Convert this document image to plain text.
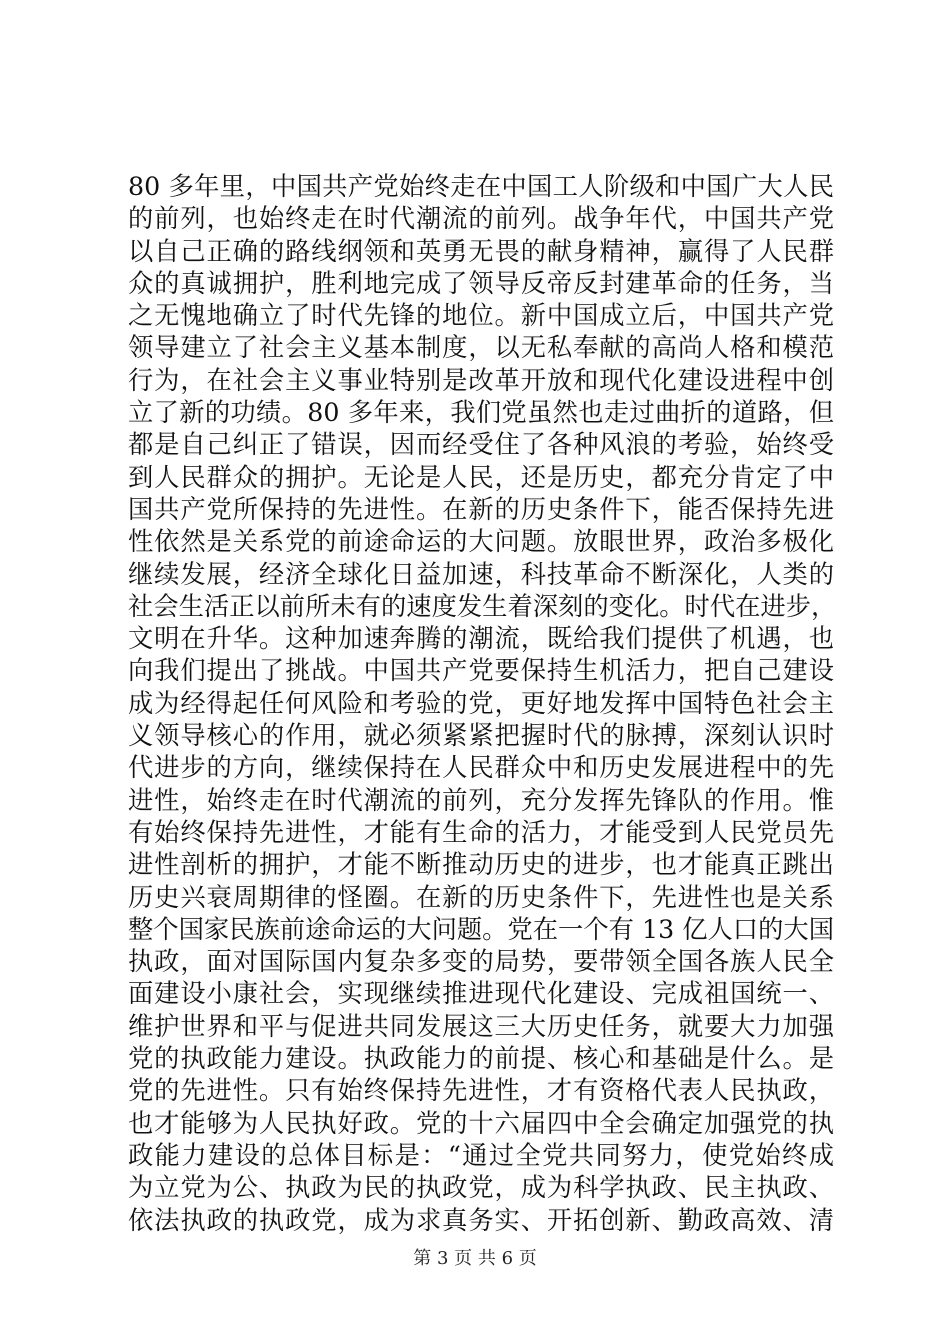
80 多年里，中国共产党始终走在中国工人阶级和中国广大人民
的前列，也始终走在时代潮流的前列。战争年代，中国共产党
以自己正确的路线纲领和英勇无畏的献身精神，赢得了人民群
众的真诚拥护，胜利地完成了领导反帝反封建革命的任务，当
之无愧地确立了时代先锋的地位。新中国成立后，中国共产党
领导建立了社会主义基本制度，以无私奉献的高尚人格和模范
行为，在社会主义事业特别是改革开放和现代化建设进程中创
立了新的功绩。80 多年来，我们党虽然也走过曲折的道路，但
都是自己纠正了错误，因而经受住了各种风浪的考验，始终受
到人民群众的拥护。无论是人民，还是历史，都充分肯定了中
国共产党所保持的先进性。在新的历史条件下，能否保持先进
性依然是关系党的前途命运的大问题。放眼世界，政治多极化
继续发展，经济全球化日益加速，科技革命不断深化，人类的
社会生活正以前所未有的速度发生着深刻的变化。时代在进步，
文明在升华。这种加速奔腾的潮流，既给我们提供了机遇，也
向我们提出了挑战。中国共产党要保持生机活力，把自己建设
成为经得起任何风险和考验的党，更好地发挥中国特色社会主
义领导核心的作用，就必须紧紧把握时代的脉搏，深刻认识时
代进步的方向，继续保持在人民群众中和历史发展进程中的先
进性，始终走在时代潮流的前列，充分发挥先锋队的作用。惟
有始终保持先进性，才能有生命的活力，才能受到人民党员先
进性剖析的拥护，才能不断推动历史的进步，也才能真正跳出
历史兴衰周期律的怪圈。在新的历史条件下，先进性也是关系
整个国家民族前途命运的大问题。党在一个有 13 亿人口的大国
执政，面对国际国内复杂多变的局势，要带领全国各族人民全
面建设小康社会，实现继续推进现代化建设、完成祖国统一、
维护世界和平与促进共同发展这三大历史任务，就要大力加强
党的执政能力建设。执政能力的前提、核心和基础是什么。是
党的先进性。只有始终保持先进性，才有资格代表人民执政，
也才能够为人民执好政。党的十六届四中全会确定加强党的执
政能力建设的总体目标是：“通过全党共同努力，使党始终成
为立党为公、执政为民的执政党，成为科学执政、民主执政、
依法执政的执政党，成为求真务实、开拓创新、勤政高效、清
第 3 页 共 6 页
